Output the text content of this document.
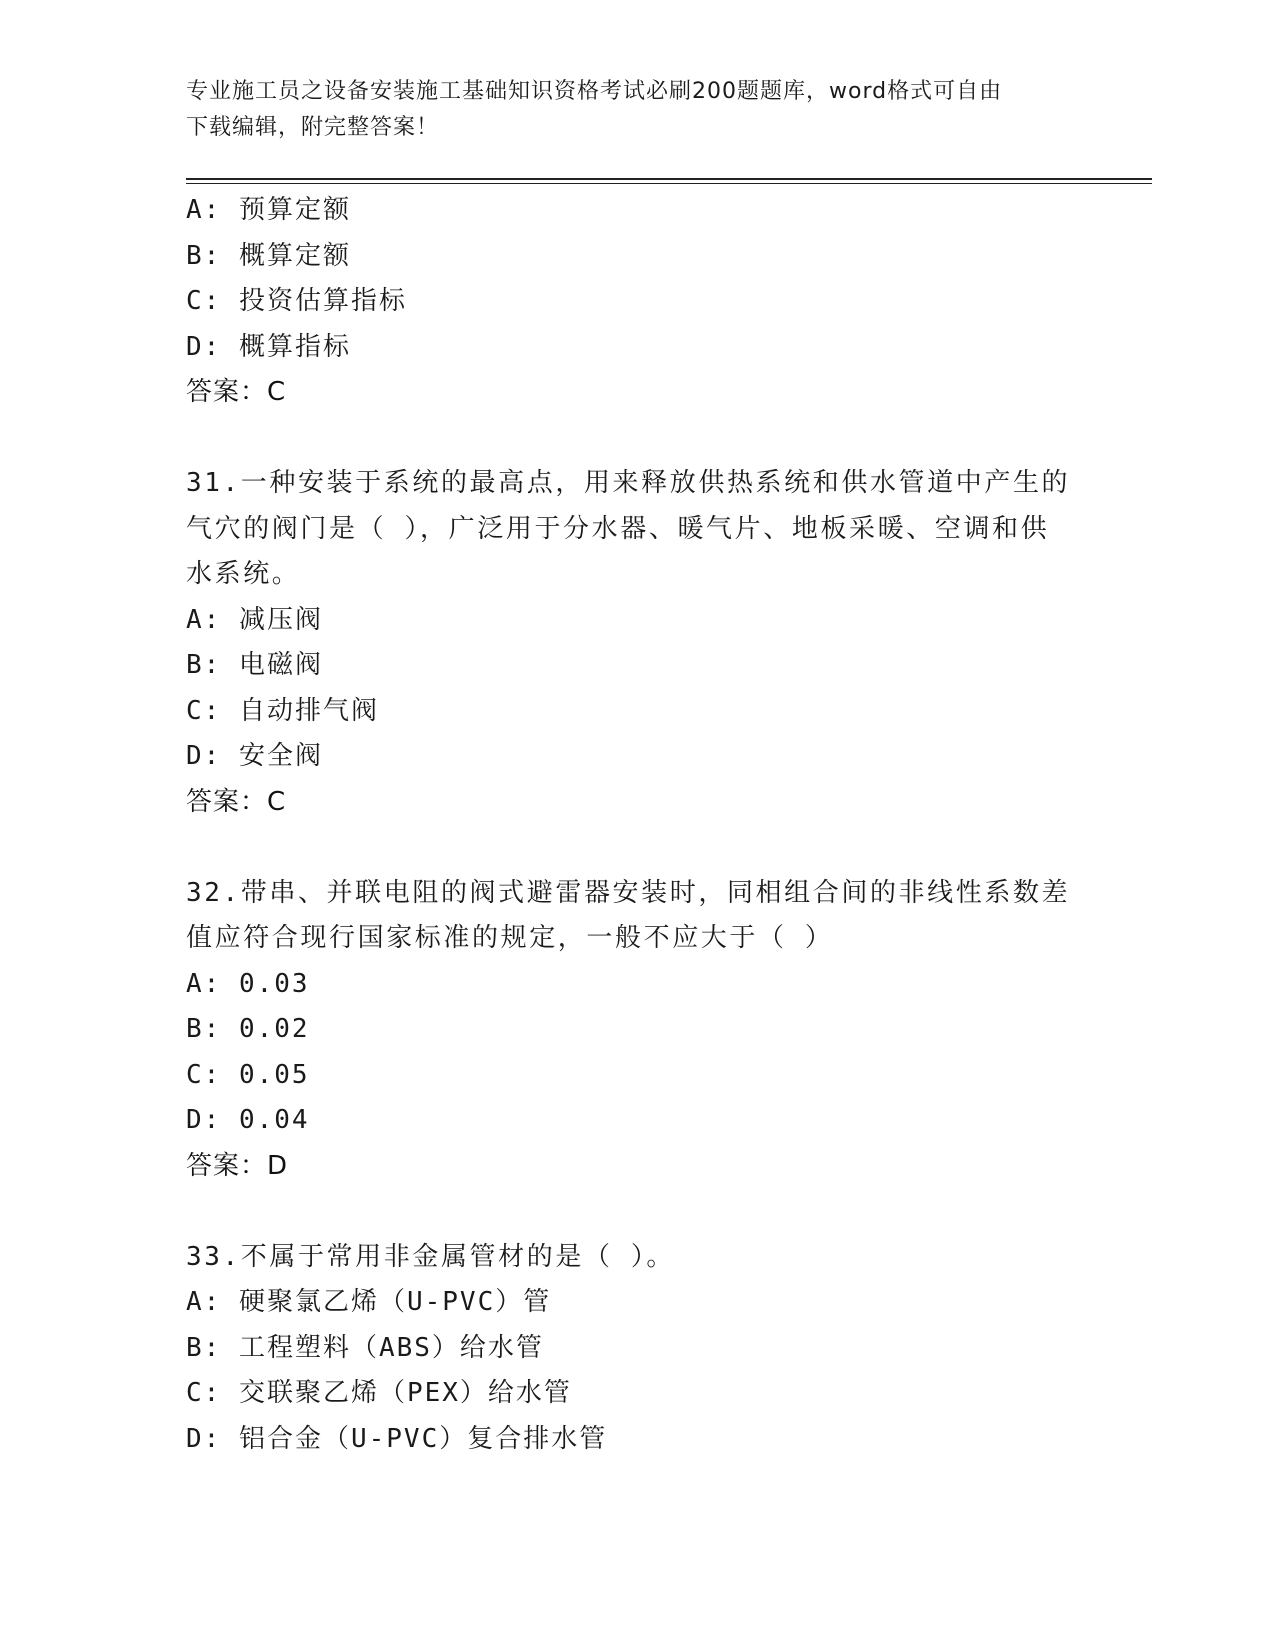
专业施工员之设备安装施工基础知识资格考试必刷200题题库，word格式可自由
下载编辑，附完整答案！
A: 预算定额
B: 概算定额
C: 投资估算指标
D: 概算指标
答案：C
31.一种安装于系统的最高点，用来释放供热系统和供水管道中产生的
气穴的阀门是（ ），广泛用于分水器、暖气片、地板采暖、空调和供
水系统。
A: 减压阀
B: 电磁阀
C: 自动排气阀
D: 安全阀
答案：C
32.带串、并联电阻的阀式避雷器安装时，同相组合间的非线性系数差
值应符合现行国家标准的规定，一般不应大于（ ）
A: 0.03
B: 0.02
C: 0.05
D: 0.04
答案：D
33.不属于常用非金属管材的是（ ）。
A: 硬聚氯乙烯（U-PVC）管
B: 工程塑料（ABS）给水管
C: 交联聚乙烯（PEX）给水管
D: 铝合金（U-PVC）复合排水管
